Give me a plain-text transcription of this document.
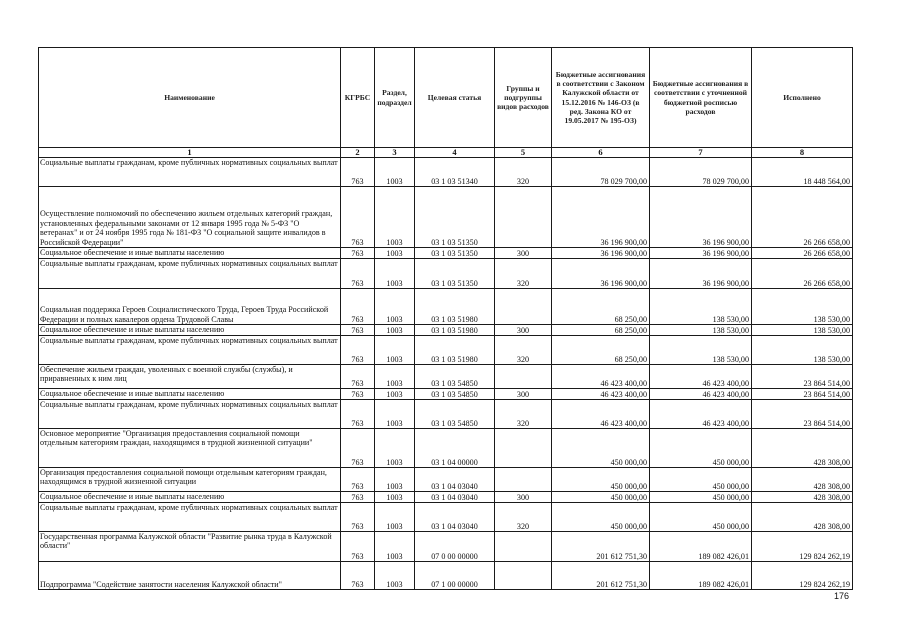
Наименование	КГРБС	Раздел, подраздел	Целевая статья	Группы и подгруппы видов расходов	Бюджетные ассигнования в соответствии с Законом Калужской области от 15.12.2016 № 146-ОЗ (в ред. Закона КО от 19.05.2017 № 195-ОЗ)	Бюджетные ассигнования в соответствии с уточненной бюджетной росписью расходов	Исполнено
1	2	3	4	5	6	7	8
Социальные выплаты гражданам, кроме публичных нормативных социальных выплат	763	1003	03 1 03 51340	320	78 029 700,00	78 029 700,00	18 448 564,00
Осуществление полномочий по обеспечению жильем отдельных категорий граждан, установленных федеральными законами от 12 января 1995 года № 5-ФЗ "О ветеранах" и от 24 ноября 1995 года № 181-ФЗ "О социальной защите инвалидов в Российской Федерации"	763	1003	03 1 03 51350		36 196 900,00	36 196 900,00	26 266 658,00
Социальное обеспечение и иные выплаты населению	763	1003	03 1 03 51350	300	36 196 900,00	36 196 900,00	26 266 658,00
Социальные выплаты гражданам, кроме публичных нормативных социальных выплат	763	1003	03 1 03 51350	320	36 196 900,00	36 196 900,00	26 266 658,00
Социальная поддержка Героев Социалистического Труда, Героев Труда Российской Федерации и полных кавалеров ордена Трудовой Славы	763	1003	03 1 03 51980		68 250,00	138 530,00	138 530,00
Социальное обеспечение и иные выплаты населению	763	1003	03 1 03 51980	300	68 250,00	138 530,00	138 530,00
Социальные выплаты гражданам, кроме публичных нормативных социальных выплат	763	1003	03 1 03 51980	320	68 250,00	138 530,00	138 530,00
Обеспечение жильем граждан, уволенных с военной службы (службы), и приравненных к ним лиц	763	1003	03 1 03 54850		46 423 400,00	46 423 400,00	23 864 514,00
Социальное обеспечение и иные выплаты населению	763	1003	03 1 03 54850	300	46 423 400,00	46 423 400,00	23 864 514,00
Социальные выплаты гражданам, кроме публичных нормативных социальных выплат	763	1003	03 1 03 54850	320	46 423 400,00	46 423 400,00	23 864 514,00
Основное мероприятие "Организация предоставления социальной помощи отдельным категориям граждан, находящимся в трудной жизненной ситуации"	763	1003	03 1 04 00000		450 000,00	450 000,00	428 308,00
Организация предоставления социальной помощи отдельным категориям граждан, находящимся в трудной жизненной ситуации	763	1003	03 1 04 03040		450 000,00	450 000,00	428 308,00
Социальное обеспечение и иные выплаты населению	763	1003	03 1 04 03040	300	450 000,00	450 000,00	428 308,00
Социальные выплаты гражданам, кроме публичных нормативных социальных выплат	763	1003	03 1 04 03040	320	450 000,00	450 000,00	428 308,00
Государственная программа Калужской области "Развитие рынка труда в Калужской области"	763	1003	07 0 00 00000		201 612 751,30	189 082 426,01	129 824 262,19
Подпрограмма "Содействие занятости населения Калужской области"	763	1003	07 1 00 00000		201 612 751,30	189 082 426,01	129 824 262,19
176
